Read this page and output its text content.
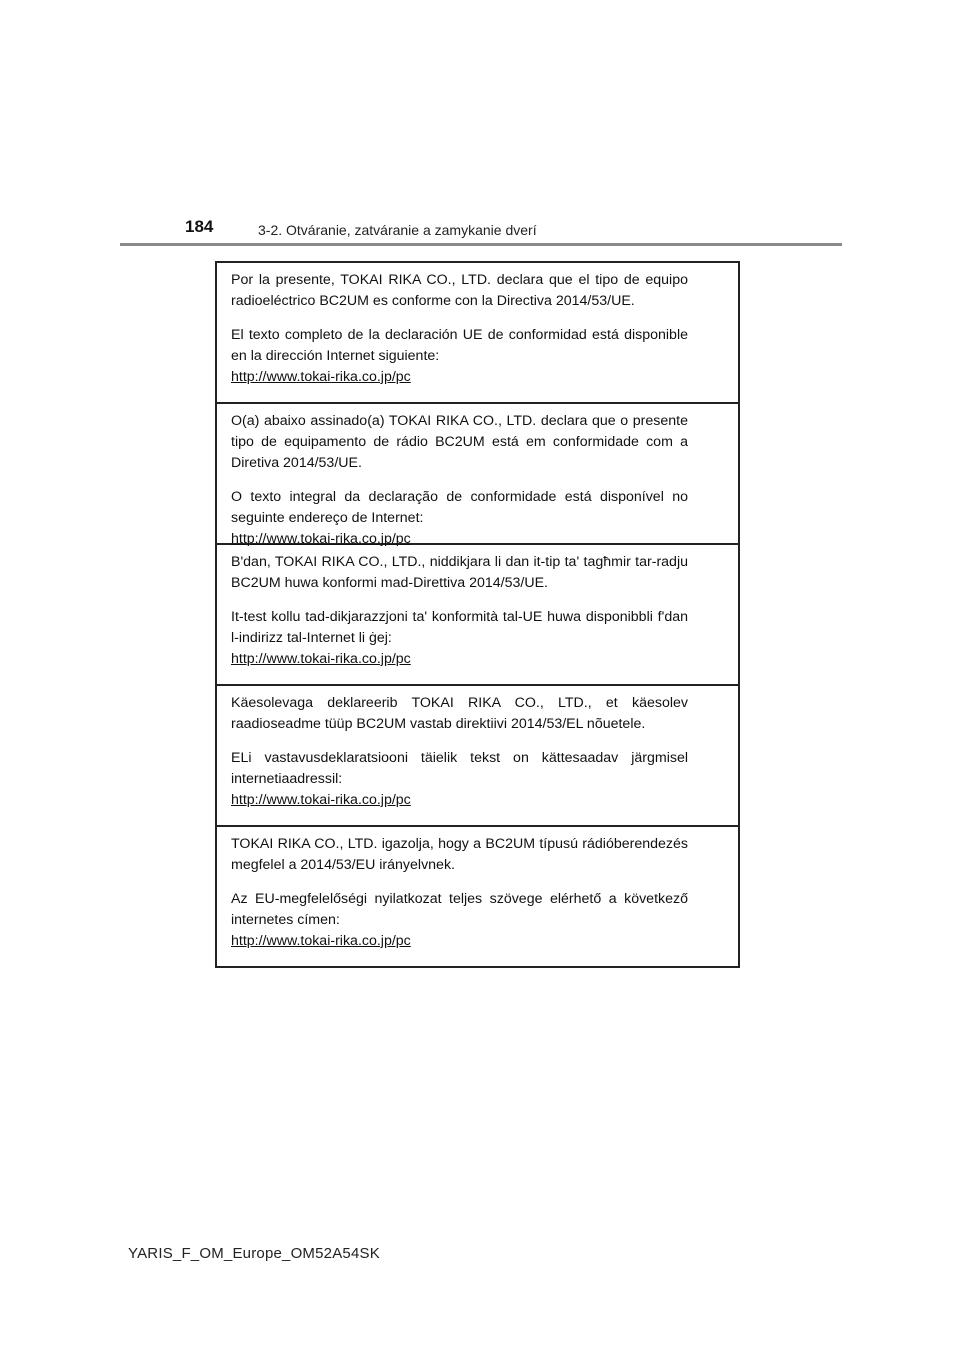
184	3-2. Otváranie, zatváranie a zamykanie dverí

Por la presente, TOKAI RIKA CO., LTD. declara que el tipo de equipo radioeléctrico BC2UM es conforme con la Directiva 2014/53/UE.

El texto completo de la declaración UE de conformidad está disponible en la dirección Internet siguiente:
http://www.tokai-rika.co.jp/pc

O(a) abaixo assinado(a) TOKAI RIKA CO., LTD. declara que o presente tipo de equipamento de rádio BC2UM está em conformidade com a Diretiva 2014/53/UE.

O texto integral da declaração de conformidade está disponível no seguinte endereço de Internet:
http://www.tokai-rika.co.jp/pc

B'dan, TOKAI RIKA CO., LTD., niddikjara li dan it-tip ta' tagħmir tar-radju BC2UM huwa konformi mad-Direttiva 2014/53/UE.

It-test kollu tad-dikjarazzjoni ta' konformità tal-UE huwa disponibbli f'dan l-indirizz tal-Internet li ġej:
http://www.tokai-rika.co.jp/pc

Käesolevaga deklareerib TOKAI RIKA CO., LTD., et käesolev raadioseadme tüüp BC2UM vastab direktiivi 2014/53/EL nõuetele.

ELi vastavusdeklaratsiooni täielik tekst on kättesaadav järgmisel internetiaadressil:
http://www.tokai-rika.co.jp/pc

TOKAI RIKA CO., LTD. igazolja, hogy a BC2UM típusú rádióberendezés megfelel a 2014/53/EU irányelvnek.

Az EU-megfelelőségi nyilatkozat teljes szövege elérhető a következő internetes címen:
http://www.tokai-rika.co.jp/pc

YARIS_F_OM_Europe_OM52A54SK
